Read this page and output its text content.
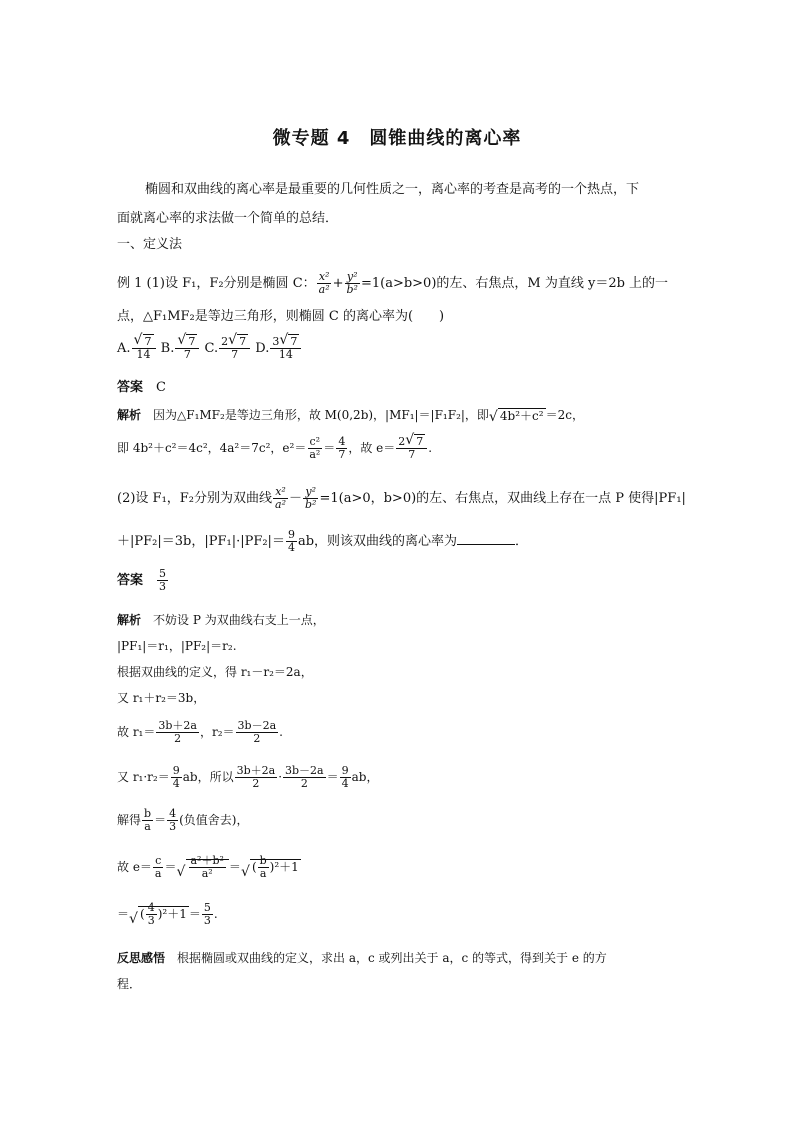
微专题 4　圆锥曲线的离心率
椭圆和双曲线的离心率是最重要的几何性质之一，离心率的考查是高考的一个热点，下
面就离心率的求法做一个简单的总结．
一、定义法
例 1 (1)设 F₁，F₂分别是椭圆 C： $\frac{\text{x²}}{\text{a²}} + \frac{\text{y²}}{\text{b²}} =1(a>b>0)$的左、右焦点，M 为直线 y＝2b 上的一
点，△F₁MF₂是等边三角形，则椭圆 C 的离心率为(　　)
A. $\frac{√ 7}{14} B$. $\frac{√ 7}{7} C$. $\frac{2 √ 7}{7} D$. $\frac{3 √ 7}{14}$
答案　 C
解析　 因为△F₁MF₂是等边三角形，故 M(0,2b)，|MF₁|＝|F₁F₂|，即 √ 4b²＋c² ＝2c，
即 4b²＋c²＝4c²，4a²＝7c²，$e^2= \frac{\text{c²}}{\text{a²}} = \frac{4}{7}$ ，故 $e= \frac{2 √ 7}{7}$ .
(2)设 F₁，F₂分别为双曲线 $\frac{\text{x²}}{\text{a²}} - \frac{\text{y²}}{\text{b²}} =1(a>0$，b>0)的左、右焦点，双曲线上存在一点 P 使得|PF₁|
＋|PF₂|＝3b，$|PF_1|\cdot|PF_2|= \frac{9}{4}$ ab，则该双曲线的离心率为	．
答案　 $\frac{5}{3}$
解析　 不妨设 P 为双曲线右支上一点，
|PF₁|＝r₁，|PF₂|＝r₂.
根据双曲线的定义，得 r₁－r₂＝2a，
又 r₁＋r₂＝3b，
故 $r_1= \frac{3b+2a}{2}$ ，$r_2= \frac{3b-2a}{2}$ .
又 $r_1\cdot r_2= \frac{9}{4}$ ab，所以 $\frac{3b+2a}{2} \cdot \frac{3b-2a}{2} = \frac{9}{4}$ ab，
解得 $\frac{b}{a} = \frac{4}{3}$ (负值舍去)，
故 $e= \frac{c}{a}$ ＝ √ $\frac{\text{a²＋b²}}{\text{a²}}$ ＝ √ ( $\frac{b}{a} )^2+1$
＝ √ ( $\frac{4}{3} )^2+1 = \frac{5}{3}$ .
反思感悟　 根据椭圆或双曲线的定义，求出 a，c 或列出关于 a，c 的等式，得到关于 e 的方
程．
